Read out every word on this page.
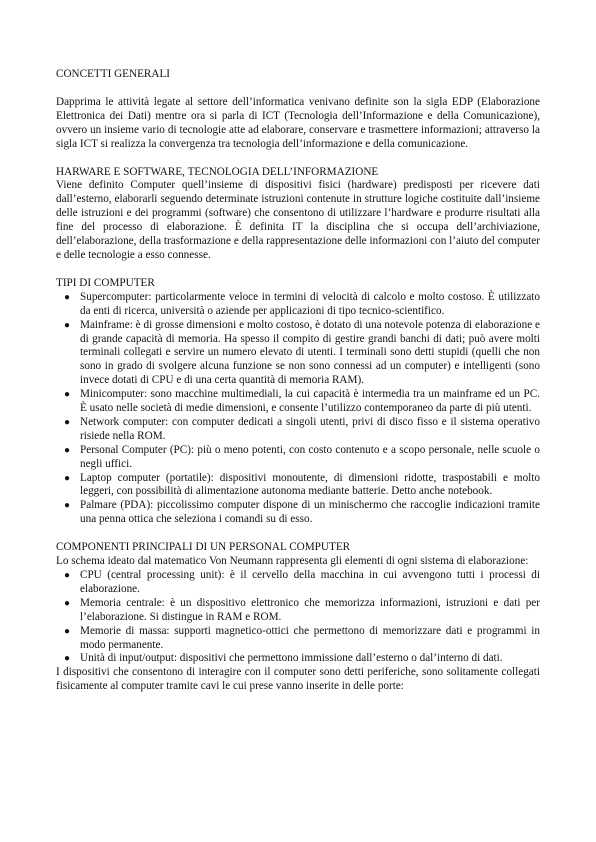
CONCETTI GENERALI

Dapprima le attività legate al settore dell’informatica venivano definite son la sigla EDP (Elaborazione Elettronica dei Dati) mentre ora si parla di ICT (Tecnologia dell’Informazione e della Comunicazione), ovvero un insieme vario di tecnologie atte ad elaborare, conservare e trasmettere informazioni; attraverso la sigla ICT si realizza la convergenza tra tecnologia dell’informazione e della comunicazione.

HARWARE E SOFTWARE, TECNOLOGIA DELL’INFORMAZIONE

Viene definito Computer quell’insieme di dispositivi fisici (hardware) predisposti per ricevere dati dall’esterno, elaborarli seguendo determinate istruzioni contenute in strutture logiche costituite dall’insieme delle istruzioni e dei programmi (software) che consentono di utilizzare l’hardware e produrre risultati alla fine del processo di elaborazione. È definita IT la disciplina che si occupa dell’archiviazione, dell’elaborazione, della trasformazione e della rappresentazione delle informazioni con l’aiuto del computer e delle tecnologie a esso connesse.

TIPI DI COMPUTER
● Supercomputer: particolarmente veloce in termini di velocità di calcolo e molto costoso. È utilizzato da enti di ricerca, università o aziende per applicazioni di tipo tecnico-scientifico.
● Mainframe: è di grosse dimensioni e molto costoso, è dotato di una notevole potenza di elaborazione e di grande capacità di memoria. Ha spesso il compito di gestire grandi banchi di dati; può avere molti terminali collegati e servire un numero elevato di utenti. I terminali sono detti stupidi (quelli che non sono in grado di svolgere alcuna funzione se non sono connessi ad un computer) e intelligenti (sono invece dotati di CPU e di una certa quantità di memoria RAM).
● Minicomputer: sono macchine multimediali, la cui capacità è intermedia tra un mainframe ed un PC. È usato nelle società di medie dimensioni, e consente l’utilizzo contemporaneo da parte di più utenti.
● Network computer: con computer dedicati a singoli utenti, privi di disco fisso e il sistema operativo risiede nella ROM.
● Personal Computer (PC): più o meno potenti, con costo contenuto e a scopo personale, nelle scuole o negli uffici.
● Laptop computer (portatile): dispositivi monoutente, di dimensioni ridotte, traspostabili e molto leggeri, con possibilità di alimentazione autonoma mediante batterie. Detto anche notebook.
● Palmare (PDA): piccolissimo computer dispone di un minischermo che raccoglie indicazioni tramite una penna ottica che seleziona i comandi su di esso.
COMPONENTI PRINCIPALI DI UN PERSONAL COMPUTER

Lo schema ideato dal matematico Von Neumann rappresenta gli elementi di ogni sistema di elaborazione:

● CPU (central processing unit): è il cervello della macchina in cui avvengono tutti i processi di elaborazione.
● Memoria centrale: è un dispositivo elettronico che memorizza informazioni, istruzioni e dati per l’elaborazione. Si distingue in RAM e ROM.
● Memorie di massa: supporti magnetico-ottici che permettono di memorizzare dati e programmi in modo permanente.
● Unità di input/output: dispositivi che permettono immissione dall’esterno o dal’interno di dati.

I dispositivi che consentono di interagire con il computer sono detti periferiche, sono solitamente collegati fisicamente al computer tramite cavi le cui prese vanno inserite in delle porte:
